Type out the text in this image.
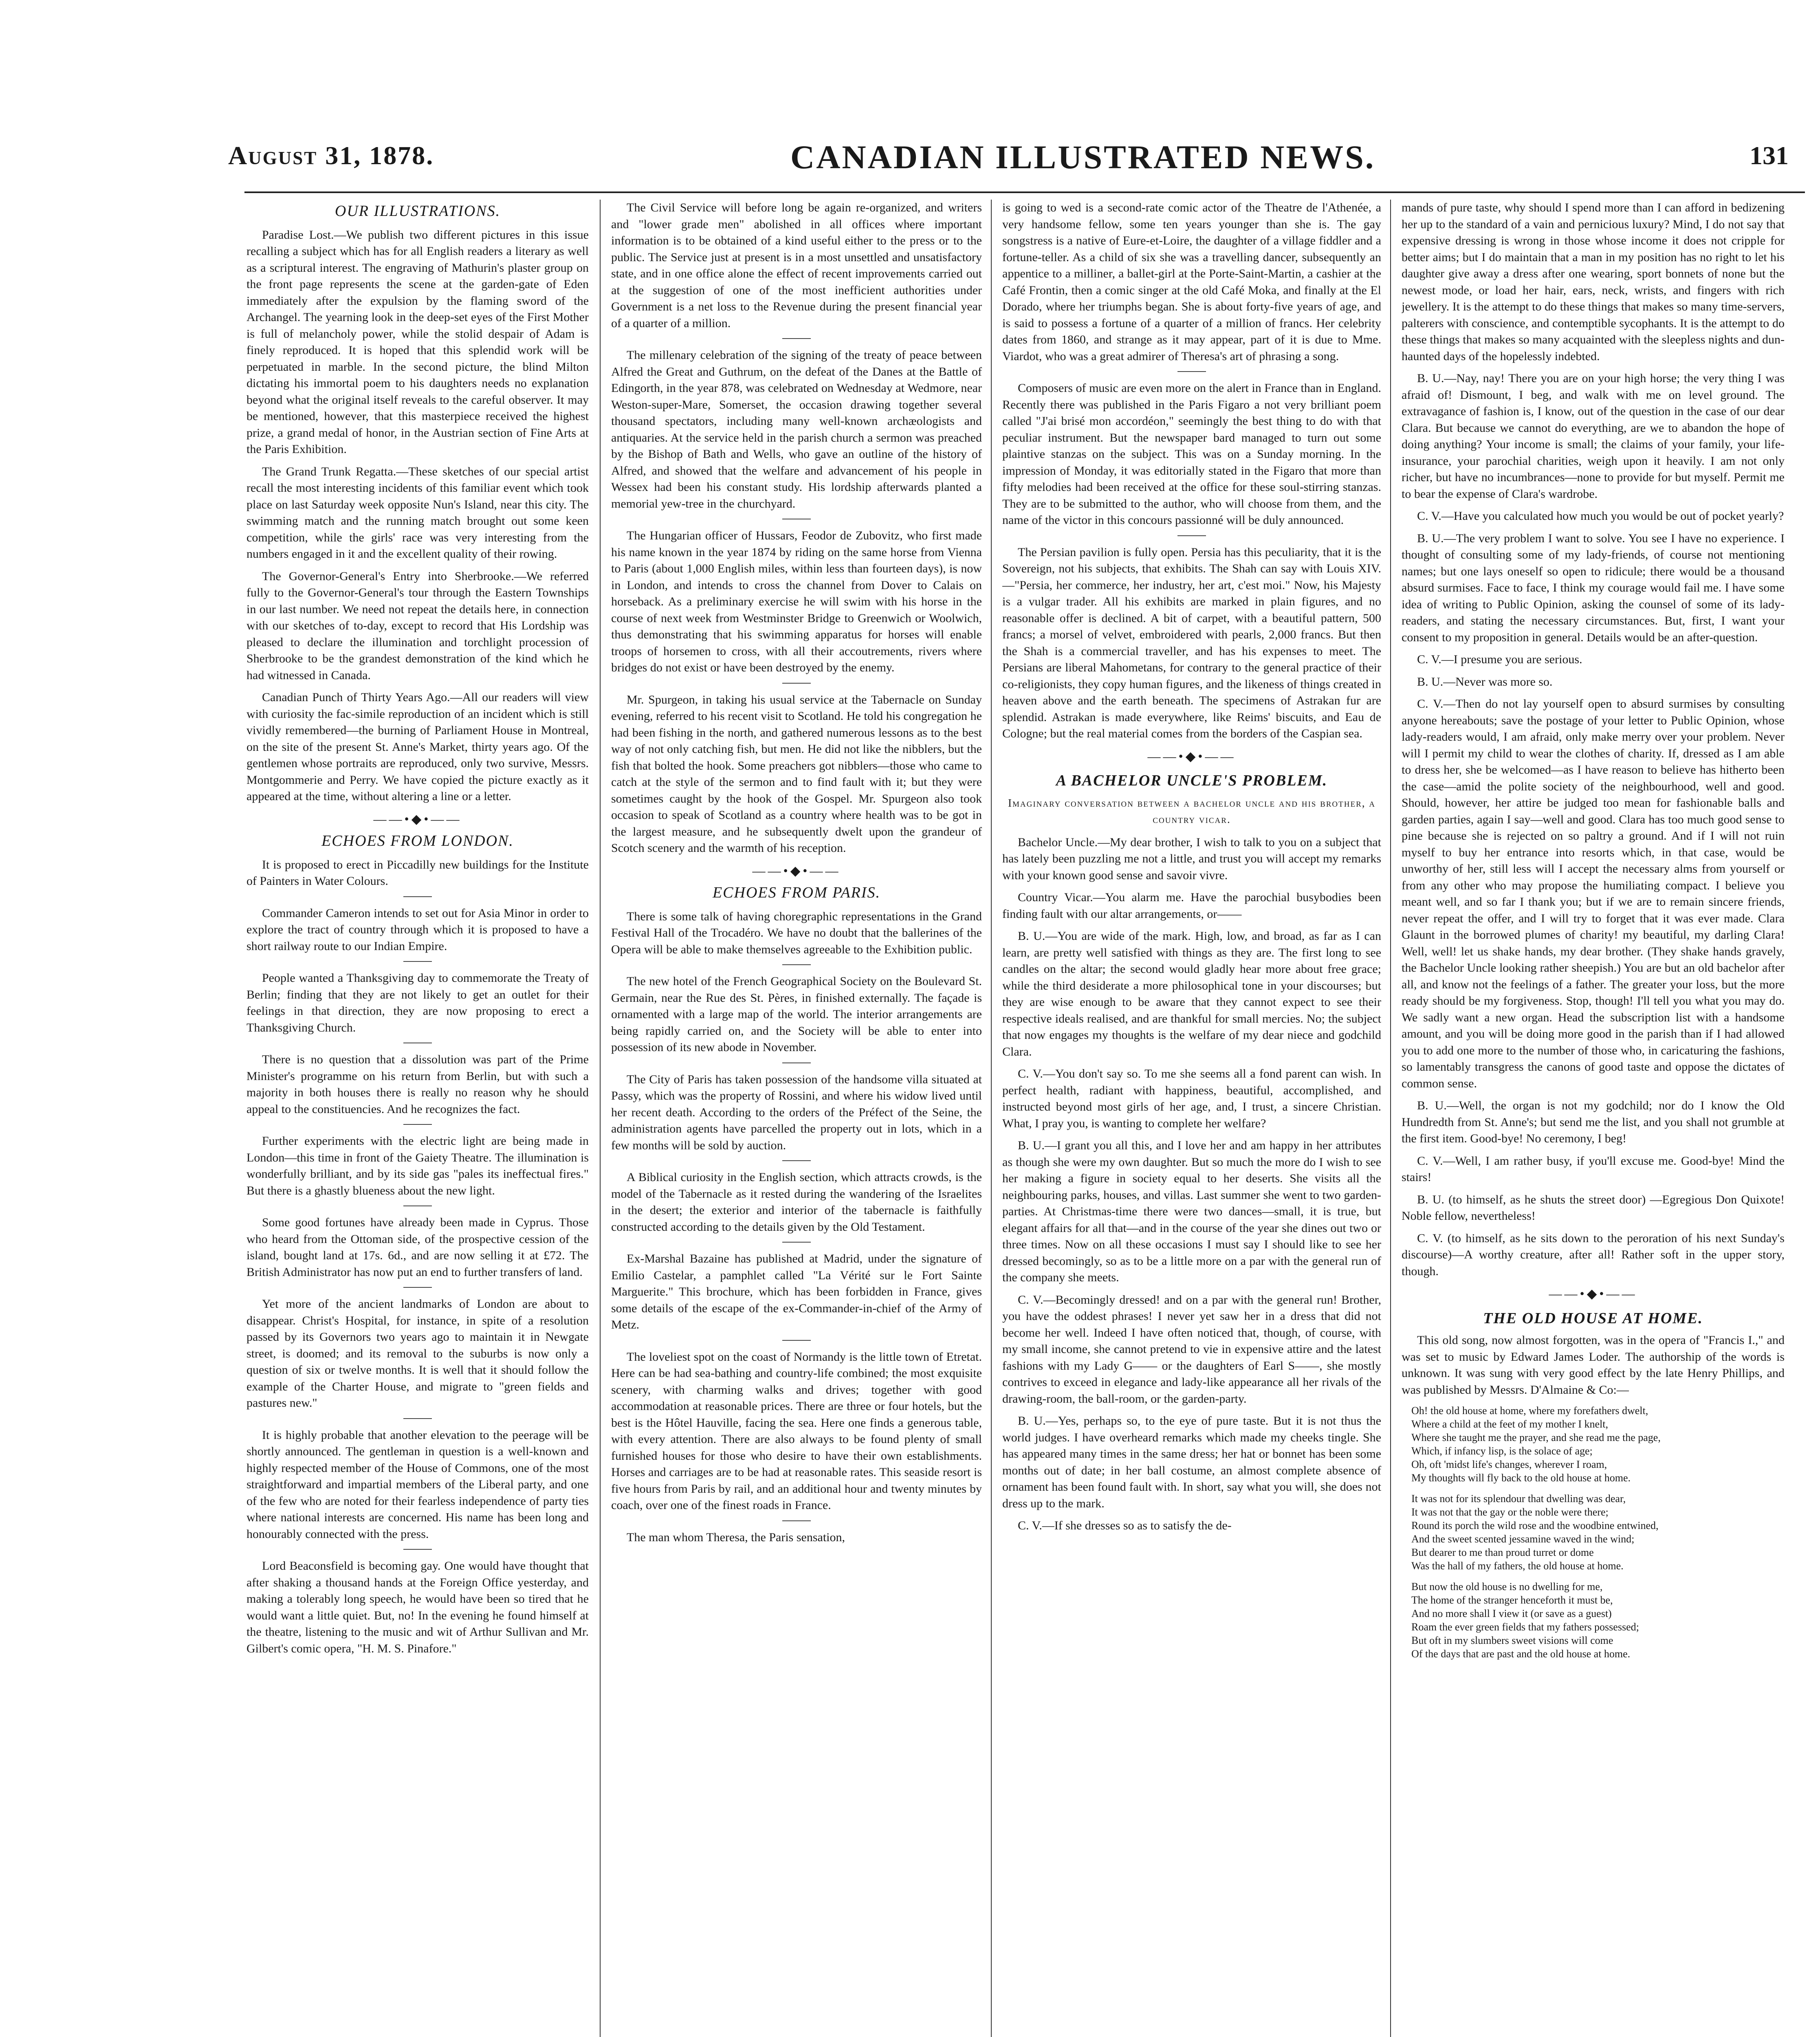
August 31, 1878.	CANADIAN ILLUSTRATED NEWS.	131
OUR ILLUSTRATIONS.

Paradise Lost.—We publish two different pictures in this issue recalling a subject which has for all English readers a literary as well as a scriptural interest. The engraving of Mathurin's plaster group on the front page represents the scene at the garden-gate of Eden immediately after the expulsion by the flaming sword of the Archangel. The yearning look in the deep-set eyes of the First Mother is full of melancholy power, while the stolid despair of Adam is finely reproduced. It is hoped that this splendid work will be perpetuated in marble. In the second picture, the blind Milton dictating his immortal poem to his daughters needs no explanation beyond what the original itself reveals to the careful observer. It may be mentioned, however, that this masterpiece received the highest prize, a grand medal of honor, in the Austrian section of Fine Arts at the Paris Exhibition.

The Grand Trunk Regatta.—These sketches of our special artist recall the most interesting incidents of this familiar event which took place on last Saturday week opposite Nun's Island, near this city. The swimming match and the running match brought out some keen competition, while the girls' race was very interesting from the numbers engaged in it and the excellent quality of their rowing.

The Governor-General's Entry into Sherbrooke.—We referred fully to the Governor-General's tour through the Eastern Townships in our last number. We need not repeat the details here, in connection with our sketches of to-day, except to record that His Lordship was pleased to declare the illumination and torchlight procession of Sherbrooke to be the grandest demonstration of the kind which he had witnessed in Canada.

Canadian Punch of Thirty Years Ago.—All our readers will view with curiosity the fac-simile reproduction of an incident which is still vividly remembered—the burning of Parliament House in Montreal, on the site of the present St. Anne's Market, thirty years ago. Of the gentlemen whose portraits are reproduced, only two survive, Messrs. Montgommerie and Perry. We have copied the picture exactly as it appeared at the time, without altering a line or a letter.

——•◆•——
ECHOES FROM LONDON.

It is proposed to erect in Piccadilly new buildings for the Institute of Painters in Water Colours.

Commander Cameron intends to set out for Asia Minor in order to explore the tract of country through which it is proposed to have a short railway route to our Indian Empire.

People wanted a Thanksgiving day to commemorate the Treaty of Berlin; finding that they are not likely to get an outlet for their feelings in that direction, they are now proposing to erect a Thanksgiving Church.

There is no question that a dissolution was part of the Prime Minister's programme on his return from Berlin, but with such a majority in both houses there is really no reason why he should appeal to the constituencies. And he recognizes the fact.

Further experiments with the electric light are being made in London—this time in front of the Gaiety Theatre. The illumination is wonderfully brilliant, and by its side gas "pales its ineffectual fires." But there is a ghastly blueness about the new light.

Some good fortunes have already been made in Cyprus. Those who heard from the Ottoman side, of the prospective cession of the island, bought land at 17s. 6d., and are now selling it at £72. The British Administrator has now put an end to further transfers of land.

Yet more of the ancient landmarks of London are about to disappear. Christ's Hospital, for instance, in spite of a resolution passed by its Governors two years ago to maintain it in Newgate street, is doomed; and its removal to the suburbs is now only a question of six or twelve months. It is well that it should follow the example of the Charter House, and migrate to "green fields and pastures new."

It is highly probable that another elevation to the peerage will be shortly announced. The gentleman in question is a well-known and highly respected member of the House of Commons, one of the most straightforward and impartial members of the Liberal party, and one of the few who are noted for their fearless independence of party ties where national interests are concerned. His name has been long and honourably connected with the press.

Lord Beaconsfield is becoming gay. One would have thought that after shaking a thousand hands at the Foreign Office yesterday, and making a tolerably long speech, he would have been so tired that he would want a little quiet. But, no! In the evening he found himself at the theatre, listening to the music and wit of Arthur Sullivan and Mr. Gilbert's comic opera, "H. M. S. Pinafore."

The Civil Service will before long be again re-organized, and writers and "lower grade men" abolished in all offices where important information is to be obtained of a kind useful either to the press or to the public. The Service just at present is in a most unsettled and unsatisfactory state, and in one office alone the effect of recent improvements carried out at the suggestion of one of the most inefficient authorities under Government is a net loss to the Revenue during the present financial year of a quarter of a million.

The millenary celebration of the signing of the treaty of peace between Alfred the Great and Guthrum, on the defeat of the Danes at the Battle of Edingorth, in the year 878, was celebrated on Wednesday at Wedmore, near Weston-super-Mare, Somerset, the occasion drawing together several thousand spectators, including many well-known archæologists and antiquaries. At the service held in the parish church a sermon was preached by the Bishop of Bath and Wells, who gave an outline of the history of Alfred, and showed that the welfare and advancement of his people in Wessex had been his constant study. His lordship afterwards planted a memorial yew-tree in the churchyard.

The Hungarian officer of Hussars, Feodor de Zubovitz, who first made his name known in the year 1874 by riding on the same horse from Vienna to Paris (about 1,000 English miles, within less than fourteen days), is now in London, and intends to cross the channel from Dover to Calais on horseback. As a preliminary exercise he will swim with his horse in the course of next week from Westminster Bridge to Greenwich or Woolwich, thus demonstrating that his swimming apparatus for horses will enable troops of horsemen to cross, with all their accoutrements, rivers where bridges do not exist or have been destroyed by the enemy.

Mr. Spurgeon, in taking his usual service at the Tabernacle on Sunday evening, referred to his recent visit to Scotland. He told his congregation he had been fishing in the north, and gathered numerous lessons as to the best way of not only catching fish, but men. He did not like the nibblers, but the fish that bolted the hook. Some preachers got nibblers—those who came to catch at the style of the sermon and to find fault with it; but they were sometimes caught by the hook of the Gospel. Mr. Spurgeon also took occasion to speak of Scotland as a country where health was to be got in the largest measure, and he subsequently dwelt upon the grandeur of Scotch scenery and the warmth of his reception.

——•◆•——
ECHOES FROM PARIS.

There is some talk of having choregraphic representations in the Grand Festival Hall of the Trocadéro. We have no doubt that the ballerines of the Opera will be able to make themselves agreeable to the Exhibition public.

The new hotel of the French Geographical Society on the Boulevard St. Germain, near the Rue des St. Pères, in finished externally. The façade is ornamented with a large map of the world. The interior arrangements are being rapidly carried on, and the Society will be able to enter into possession of its new abode in November.

The City of Paris has taken possession of the handsome villa situated at Passy, which was the property of Rossini, and where his widow lived until her recent death. According to the orders of the Préfect of the Seine, the administration agents have parcelled the property out in lots, which in a few months will be sold by auction.

A Biblical curiosity in the English section, which attracts crowds, is the model of the Tabernacle as it rested during the wandering of the Israelites in the desert; the exterior and interior of the tabernacle is faithfully constructed according to the details given by the Old Testament.

Ex-Marshal Bazaine has published at Madrid, under the signature of Emilio Castelar, a pamphlet called "La Vérité sur le Fort Sainte Marguerite." This brochure, which has been forbidden in France, gives some details of the escape of the ex-Commander-in-chief of the Army of Metz.

The loveliest spot on the coast of Normandy is the little town of Etretat. Here can be had sea-bathing and country-life combined; the most exquisite scenery, with charming walks and drives; together with good accommodation at reasonable prices. There are three or four hotels, but the best is the Hôtel Hauville, facing the sea. Here one finds a generous table, with every attention. There are also always to be found plenty of small furnished houses for those who desire to have their own establishments. Horses and carriages are to be had at reasonable rates. This seaside resort is five hours from Paris by rail, and an additional hour and twenty minutes by coach, over one of the finest roads in France.

The man whom Theresa, the Paris sensation,

is going to wed is a second-rate comic actor of the Theatre de l'Athenée, a very handsome fellow, some ten years younger than she is. The gay songstress is a native of Eure-et-Loire, the daughter of a village fiddler and a fortune-teller. As a child of six she was a travelling dancer, subsequently an appentice to a milliner, a ballet-girl at the Porte-Saint-Martin, a cashier at the Café Frontin, then a comic singer at the old Café Moka, and finally at the El Dorado, where her triumphs began. She is about forty-five years of age, and is said to possess a fortune of a quarter of a million of francs. Her celebrity dates from 1860, and strange as it may appear, part of it is due to Mme. Viardot, who was a great admirer of Theresa's art of phrasing a song.

Composers of music are even more on the alert in France than in England. Recently there was published in the Paris Figaro a not very brilliant poem called "J'ai brisé mon accordéon," seemingly the best thing to do with that peculiar instrument. But the newspaper bard managed to turn out some plaintive stanzas on the subject. This was on a Sunday morning. In the impression of Monday, it was editorially stated in the Figaro that more than fifty melodies had been received at the office for these soul-stirring stanzas. They are to be submitted to the author, who will choose from them, and the name of the victor in this concours passionné will be duly announced.

The Persian pavilion is fully open. Persia has this peculiarity, that it is the Sovereign, not his subjects, that exhibits. The Shah can say with Louis XIV.—"Persia, her commerce, her industry, her art, c'est moi." Now, his Majesty is a vulgar trader. All his exhibits are marked in plain figures, and no reasonable offer is declined. A bit of carpet, with a beautiful pattern, 500 francs; a morsel of velvet, embroidered with pearls, 2,000 francs. But then the Shah is a commercial traveller, and has his expenses to meet. The Persians are liberal Mahometans, for contrary to the general practice of their co-religionists, they copy human figures, and the likeness of things created in heaven above and the earth beneath. The specimens of Astrakan fur are splendid. Astrakan is made everywhere, like Reims' biscuits, and Eau de Cologne; but the real material comes from the borders of the Caspian sea.

——•◆•——
A BACHELOR UNCLE'S PROBLEM.
Imaginary conversation between a bachelor uncle and his brother, a country vicar.

Bachelor Uncle.—My dear brother, I wish to talk to you on a subject that has lately been puzzling me not a little, and trust you will accept my remarks with your known good sense and savoir vivre.

Country Vicar.—You alarm me. Have the parochial busybodies been finding fault with our altar arrangements, or——

B. U.—You are wide of the mark. High, low, and broad, as far as I can learn, are pretty well satisfied with things as they are. The first long to see candles on the altar; the second would gladly hear more about free grace; while the third desiderate a more philosophical tone in your discourses; but they are wise enough to be aware that they cannot expect to see their respective ideals realised, and are thankful for small mercies. No; the subject that now engages my thoughts is the welfare of my dear niece and godchild Clara.

C. V.—You don't say so. To me she seems all a fond parent can wish. In perfect health, radiant with happiness, beautiful, accomplished, and instructed beyond most girls of her age, and, I trust, a sincere Christian. What, I pray you, is wanting to complete her welfare?

B. U.—I grant you all this, and I love her and am happy in her attributes as though she were my own daughter. But so much the more do I wish to see her making a figure in society equal to her deserts. She visits all the neighbouring parks, houses, and villas. Last summer she went to two garden-parties. At Christmas-time there were two dances—small, it is true, but elegant affairs for all that—and in the course of the year she dines out two or three times. Now on all these occasions I must say I should like to see her dressed becomingly, so as to be a little more on a par with the general run of the company she meets.

C. V.—Becomingly dressed! and on a par with the general run! Brother, you have the oddest phrases! I never yet saw her in a dress that did not become her well. Indeed I have often noticed that, though, of course, with my small income, she cannot pretend to vie in expensive attire and the latest fashions with my Lady G—— or the daughters of Earl S——, she mostly contrives to exceed in elegance and lady-like appearance all her rivals of the drawing-room, the ball-room, or the garden-party.

B. U.—Yes, perhaps so, to the eye of pure taste. But it is not thus the world judges. I have overheard remarks which made my cheeks tingle. She has appeared many times in the same dress; her hat or bonnet has been some months out of date; in her ball costume, an almost complete absence of ornament has been found fault with. In short, say what you will, she does not dress up to the mark.

C. V.—If she dresses so as to satisfy the de-

mands of pure taste, why should I spend more than I can afford in bedizening her up to the standard of a vain and pernicious luxury? Mind, I do not say that expensive dressing is wrong in those whose income it does not cripple for better aims; but I do maintain that a man in my position has no right to let his daughter give away a dress after one wearing, sport bonnets of none but the newest mode, or load her hair, ears, neck, wrists, and fingers with rich jewellery. It is the attempt to do these things that makes so many time-servers, palterers with conscience, and contemptible sycophants. It is the attempt to do these things that makes so many acquainted with the sleepless nights and dun-haunted days of the hopelessly indebted.

B. U.—Nay, nay! There you are on your high horse; the very thing I was afraid of! Dismount, I beg, and walk with me on level ground. The extravagance of fashion is, I know, out of the question in the case of our dear Clara. But because we cannot do everything, are we to abandon the hope of doing anything? Your income is small; the claims of your family, your life-insurance, your parochial charities, weigh upon it heavily. I am not only richer, but have no incumbrances—none to provide for but myself. Permit me to bear the expense of Clara's wardrobe.

C. V.—Have you calculated how much you would be out of pocket yearly?

B. U.—The very problem I want to solve. You see I have no experience. I thought of consulting some of my lady-friends, of course not mentioning names; but one lays oneself so open to ridicule; there would be a thousand absurd surmises. Face to face, I think my courage would fail me. I have some idea of writing to Public Opinion, asking the counsel of some of its lady-readers, and stating the necessary circumstances. But, first, I want your consent to my proposition in general. Details would be an after-question.

C. V.—I presume you are serious.

B. U.—Never was more so.

C. V.—Then do not lay yourself open to absurd surmises by consulting anyone hereabouts; save the postage of your letter to Public Opinion, whose lady-readers would, I am afraid, only make merry over your problem. Never will I permit my child to wear the clothes of charity. If, dressed as I am able to dress her, she be welcomed—as I have reason to believe has hitherto been the case—amid the polite society of the neighbourhood, well and good. Should, however, her attire be judged too mean for fashionable balls and garden parties, again I say—well and good. Clara has too much good sense to pine because she is rejected on so paltry a ground. And if I will not ruin myself to buy her entrance into resorts which, in that case, would be unworthy of her, still less will I accept the necessary alms from yourself or from any other who may propose the humiliating compact. I believe you meant well, and so far I thank you; but if we are to remain sincere friends, never repeat the offer, and I will try to forget that it was ever made. Clara Glaunt in the borrowed plumes of charity! my beautiful, my darling Clara! Well, well! let us shake hands, my dear brother. (They shake hands gravely, the Bachelor Uncle looking rather sheepish.) You are but an old bachelor after all, and know not the feelings of a father. The greater your loss, but the more ready should be my forgiveness. Stop, though! I'll tell you what you may do. We sadly want a new organ. Head the subscription list with a handsome amount, and you will be doing more good in the parish than if I had allowed you to add one more to the number of those who, in caricaturing the fashions, so lamentably transgress the canons of good taste and oppose the dictates of common sense.

B. U.—Well, the organ is not my godchild; nor do I know the Old Hundredth from St. Anne's; but send me the list, and you shall not grumble at the first item. Good-bye! No ceremony, I beg!

C. V.—Well, I am rather busy, if you'll excuse me. Good-bye! Mind the stairs!

B. U. (to himself, as he shuts the street door) —Egregious Don Quixote! Noble fellow, nevertheless!

C. V. (to himself, as he sits down to the peroration of his next Sunday's discourse)—A worthy creature, after all! Rather soft in the upper story, though.

——•◆•——
THE OLD HOUSE AT HOME.

This old song, now almost forgotten, was in the opera of "Francis I.," and was set to music by Edward James Loder. The authorship of the words is unknown. It was sung with very good effect by the late Henry Phillips, and was published by Messrs. D'Almaine & Co:—

Oh! the old house at home, where my forefathers dwelt,
Where a child at the feet of my mother I knelt,
Where she taught me the prayer, and she read me the page,
Which, if infancy lisp, is the solace of age;
Oh, oft 'midst life's changes, wherever I roam,
My thoughts will fly back to the old house at home.
It was not for its splendour that dwelling was dear,
It was not that the gay or the noble were there;
Round its porch the wild rose and the woodbine entwined,
And the sweet scented jessamine waved in the wind;
But dearer to me than proud turret or dome
Was the hall of my fathers, the old house at home.
But now the old house is no dwelling for me,
The home of the stranger henceforth it must be,
And no more shall I view it (or save as a guest)
Roam the ever green fields that my fathers possessed;
But oft in my slumbers sweet visions will come
Of the days that are past and the old house at home.
